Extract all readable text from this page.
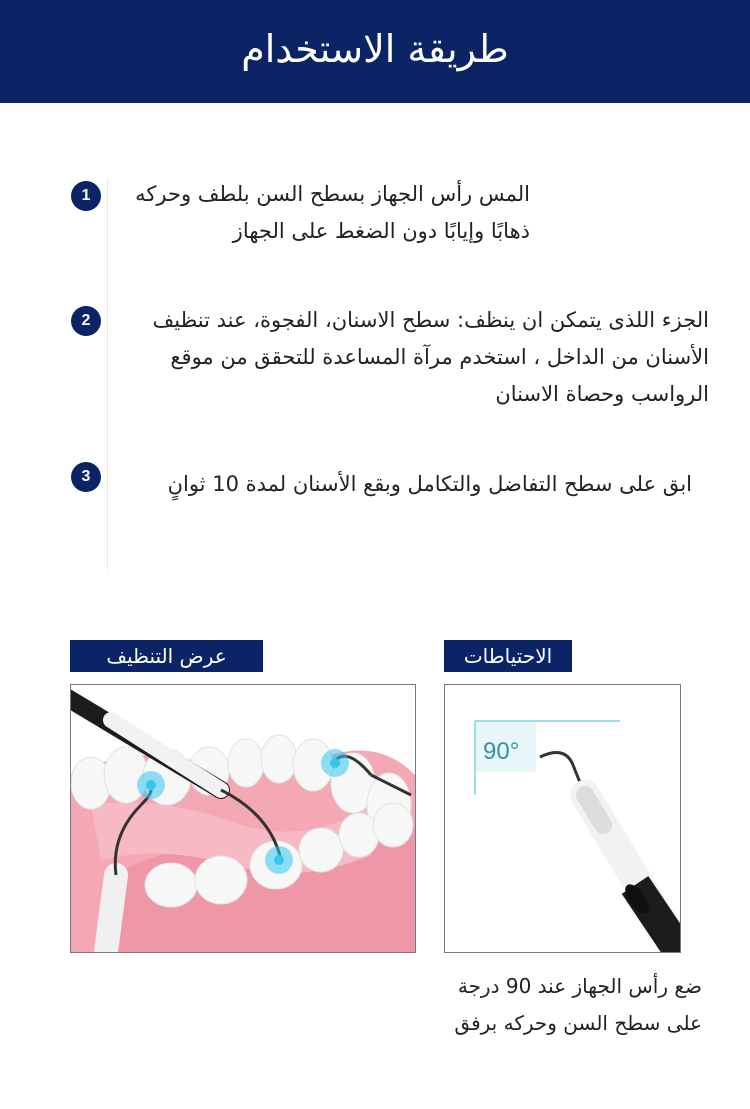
طريقة الاستخدام
1	المس رأس الجهاز بسطح السن بلطف وحركه
ذهابًا وإيابًا دون الضغط على الجهاز
2	الجزء اللذى يتمكن ان ينظف: سطح الاسنان، الفجوة، عند تنظيف
الأسنان من الداخل ، استخدم مرآة المساعدة للتحقق من موقع
الرواسب وحصاة الاسنان
3	ابق على سطح التفاضل والتكامل وبقع الأسنان لمدة 10 ثوانٍ
عرض التنظيف	الاحتياطات
90°
ضع رأس الجهاز عند 90 درجة
على سطح السن وحركه برفق
